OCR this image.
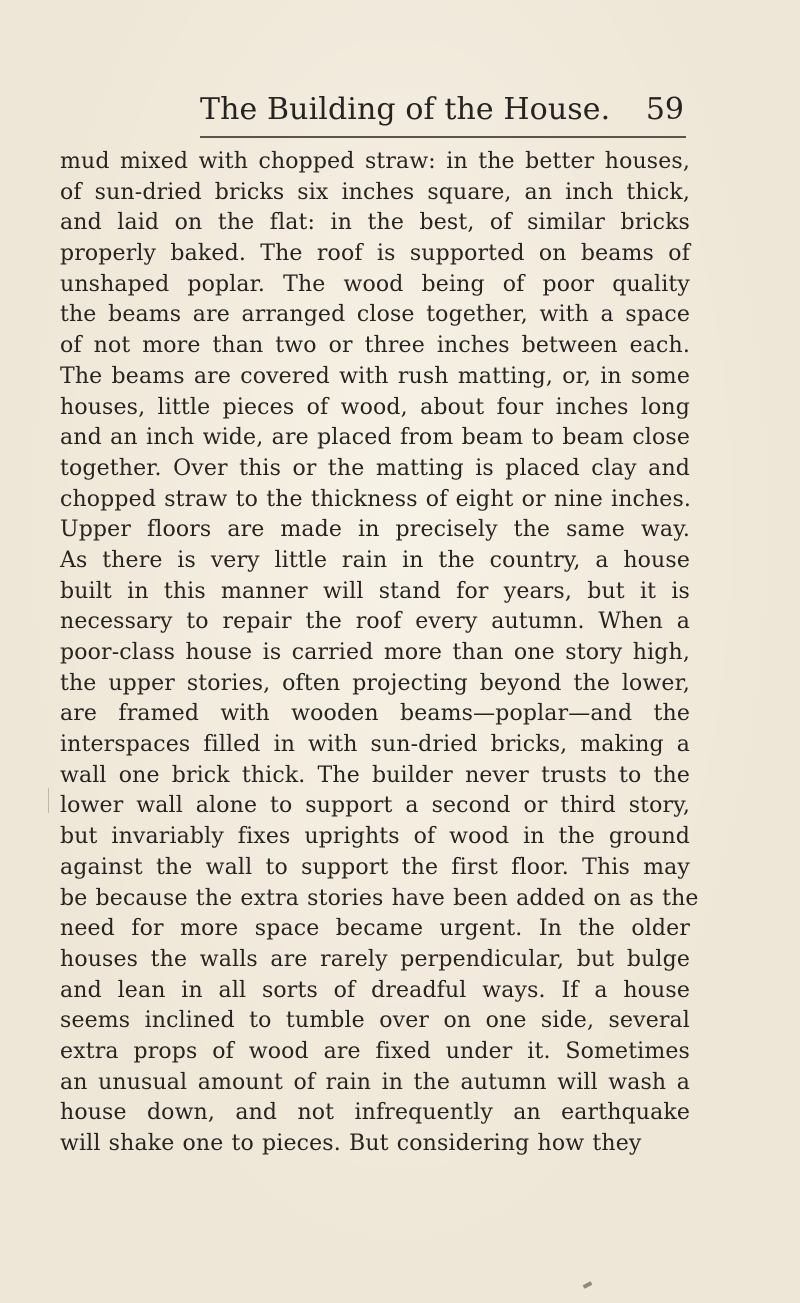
The Building of the House. 59
mud mixed with chopped straw: in the better houses,
of sun-dried bricks six inches square, an inch thick,
and laid on the flat: in the best, of similar bricks
properly baked. The roof is supported on beams of
unshaped poplar. The wood being of poor quality
the beams are arranged close together, with a space
of not more than two or three inches between each.
The beams are covered with rush matting, or, in some
houses, little pieces of wood, about four inches long
and an inch wide, are placed from beam to beam close
together. Over this or the matting is placed clay and
chopped straw to the thickness of eight or nine inches.
Upper floors are made in precisely the same way.
As there is very little rain in the country, a house
built in this manner will stand for years, but it is
necessary to repair the roof every autumn. When a
poor-class house is carried more than one story high,
the upper stories, often projecting beyond the lower,
are framed with wooden beams—poplar—and the
interspaces filled in with sun-dried bricks, making a
wall one brick thick. The builder never trusts to the
lower wall alone to support a second or third story,
but invariably fixes uprights of wood in the ground
against the wall to support the first floor. This may
be because the extra stories have been added on as the
need for more space became urgent. In the older
houses the walls are rarely perpendicular, but bulge
and lean in all sorts of dreadful ways. If a house
seems inclined to tumble over on one side, several
extra props of wood are fixed under it. Sometimes
an unusual amount of rain in the autumn will wash a
house down, and not infrequently an earthquake
will shake one to pieces. But considering how they
